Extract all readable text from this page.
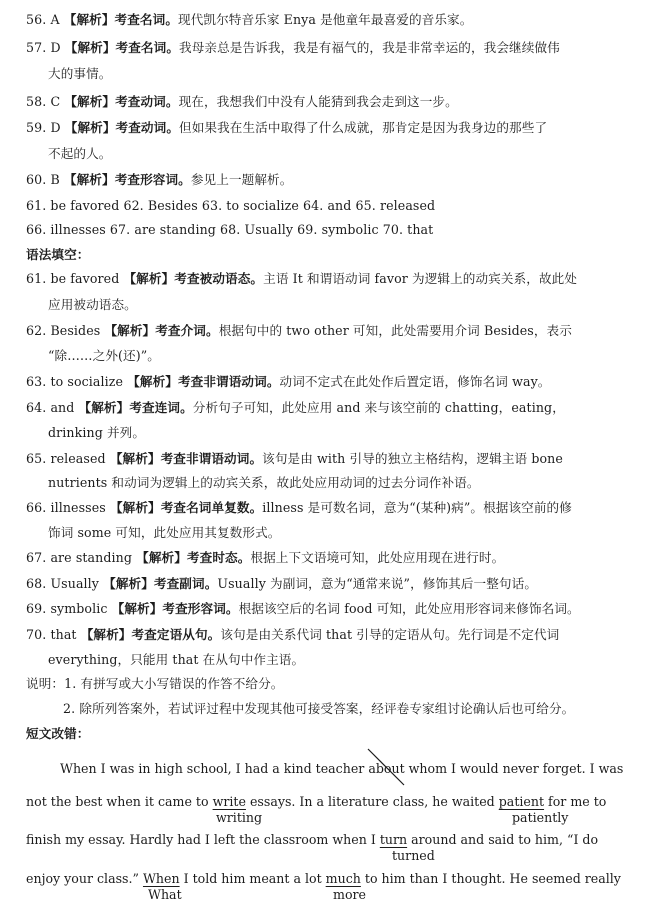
56. A 【解析】考查名词。现代凯尔特音乐家 Enya 是他童年最喜爱的音乐家。
57. D 【解析】考查名词。我母亲总是告诉我，我是有福气的，我是非常幸运的，我会继续做伟
大的事情。
58. C 【解析】考查动词。现在，我想我们中没有人能猜到我会走到这一步。
59. D 【解析】考查动词。但如果我在生活中取得了什么成就，那肯定是因为我身边的那些了
不起的人。
60. B 【解析】考查形容词。参见上一题解析。
61. be favored 62. Besides 63. to socialize 64. and 65. released
66. illnesses 67. are standing 68. Usually 69. symbolic 70. that
语法填空：
61. be favored 【解析】考查被动语态。主语 It 和谓语动词 favor 为逻辑上的动宾关系，故此处
应用被动语态。
62. Besides 【解析】考查介词。根据句中的 two other 可知，此处需要用介词 Besides，表示
“除……之外(还)”。
63. to socialize 【解析】考查非谓语动词。动词不定式在此处作后置定语，修饰名词 way。
64. and 【解析】考查连词。分析句子可知，此处应用 and 来与该空前的 chatting，eating，
drinking 并列。
65. released 【解析】考查非谓语动词。该句是由 with 引导的独立主格结构，逻辑主语 bone
nutrients 和动词为逻辑上的动宾关系，故此处应用动词的过去分词作补语。
66. illnesses 【解析】考查名词单复数。illness 是可数名词，意为“(某种)病”。根据该空前的修
饰词 some 可知，此处应用其复数形式。
67. are standing 【解析】考查时态。根据上下文语境可知，此处应用现在进行时。
68. Usually 【解析】考查副词。Usually 为副词，意为“通常来说”，修饰其后一整句话。
69. symbolic 【解析】考查形容词。根据该空后的名词 food 可知，此处应用形容词来修饰名词。
70. that 【解析】考查定语从句。该句是由关系代词 that 引导的定语从句。先行词是不定代词
everything，只能用 that 在从句中作主语。
说明：1. 有拼写或大小写错误的作答不给分。
2. 除所列答案外，若试评过程中发现其他可接受答案，经评卷专家组讨论确认后也可给分。
短文改错：
When I was in high school, I had a kind teacher about
whom I would never forget. I was
not the best when it came to write essays. In a literature class, he waited patient for me to
writing	patiently
finish my essay. Hardly had I left the classroom when I turn around and said to him, “I do
turned
enjoy your class.” When I told him meant a lot much to him than I thought. He seemed really
What	more
